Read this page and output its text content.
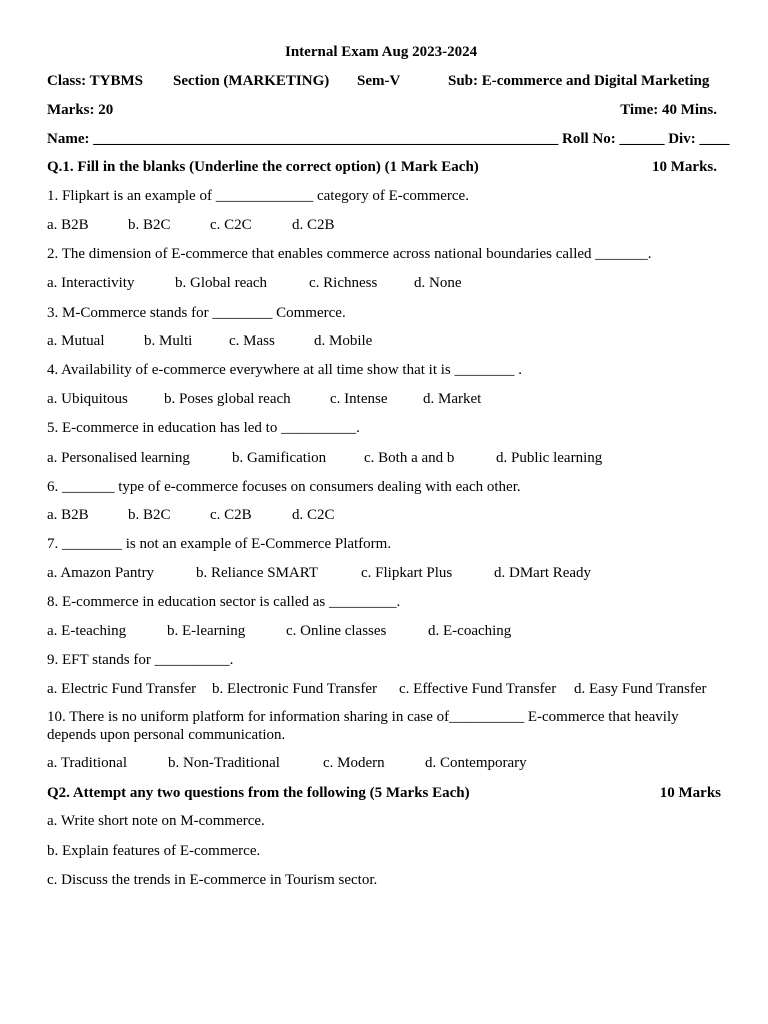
Internal Exam Aug 2023-2024
Class: TYBMS Section (MARKETING) Sem-V	Sub: E-commerce and Digital Marketing
Marks: 20	Time: 40 Mins.
Name: ______________________________________________________________ Roll No: ______ Div: ____
Q.1. Fill in the blanks (Underline the correct option) (1 Mark Each)	10 Marks.
1. Flipkart is an example of _____________ category of E-commerce.
a. B2B	b. B2C	c. C2C	d. C2B
2. The dimension of E-commerce that enables commerce across national boundaries called _______.
a. Interactivity	b. Global reach	c. Richness d. None
3. M-Commerce stands for ________ Commerce.
a. Mutual	b. Multi c. Mass	d. Mobile
4. Availability of e-commerce everywhere at all time show that it is ________ .
a. Ubiquitous b. Poses global reach	c. Intense d. Market
5. E-commerce in education has led to __________.
a. Personalised learning	b. Gamification	c. Both a and b	d. Public learning
6. _______ type of e-commerce focuses on consumers dealing with each other.
a. B2B	b. B2C	c. C2B	d. C2C
7. ________ is not an example of E-Commerce Platform.
a. Amazon Pantry	b. Reliance SMART	c. Flipkart Plus	d. DMart Ready
8. E-commerce in education sector is called as _________.
a. E-teaching	b. E-learning	c. Online classes	d. E-coaching
9. EFT stands for __________.
a. Electric Fund Transfer b. Electronic Fund Transfer c. Effective Fund Transfer d. Easy Fund Transfer
10. There is no uniform platform for information sharing in case of__________ E-commerce that heavily depends upon personal communication.
a. Traditional	b. Non-Traditional	c. Modern	d. Contemporary
Q2. Attempt any two questions from the following (5 Marks Each)	10 Marks
a. Write short note on M-commerce.
b. Explain features of E-commerce.
c. Discuss the trends in E-commerce in Tourism sector.
